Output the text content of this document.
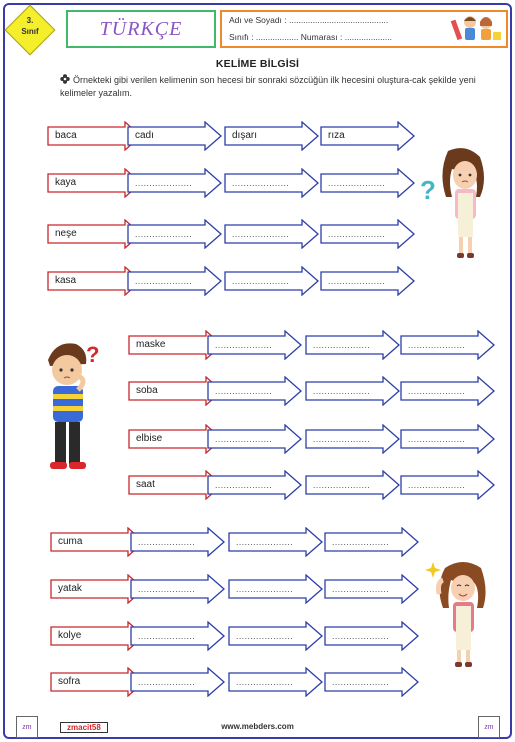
3.
Sınıf	TÜRKÇE	Adı ve Soyadı : ..........................................
Sınıfı : .................. Numarası : ....................
KELİME BİLGİSİ
Örnekteki gibi verilen kelimenin son hecesi bir sonraki sözcüğün ilk hecesini oluştura-cak şekilde yeni kelimeler yazalım.
baca	cadı	dışarı	rıza
kaya	....................	....................	....................
neşe	....................	....................	....................
kasa	....................	....................	....................
maske	....................	....................	....................
soba	....................	....................	....................
elbise	....................	....................	....................
saat	....................	....................	....................
cuma	....................	....................	....................
yatak	....................	....................	....................
kolye	....................	....................	....................
sofra	....................	....................	....................
?
?
zm	zm
zmacit58	www.mebders.com
